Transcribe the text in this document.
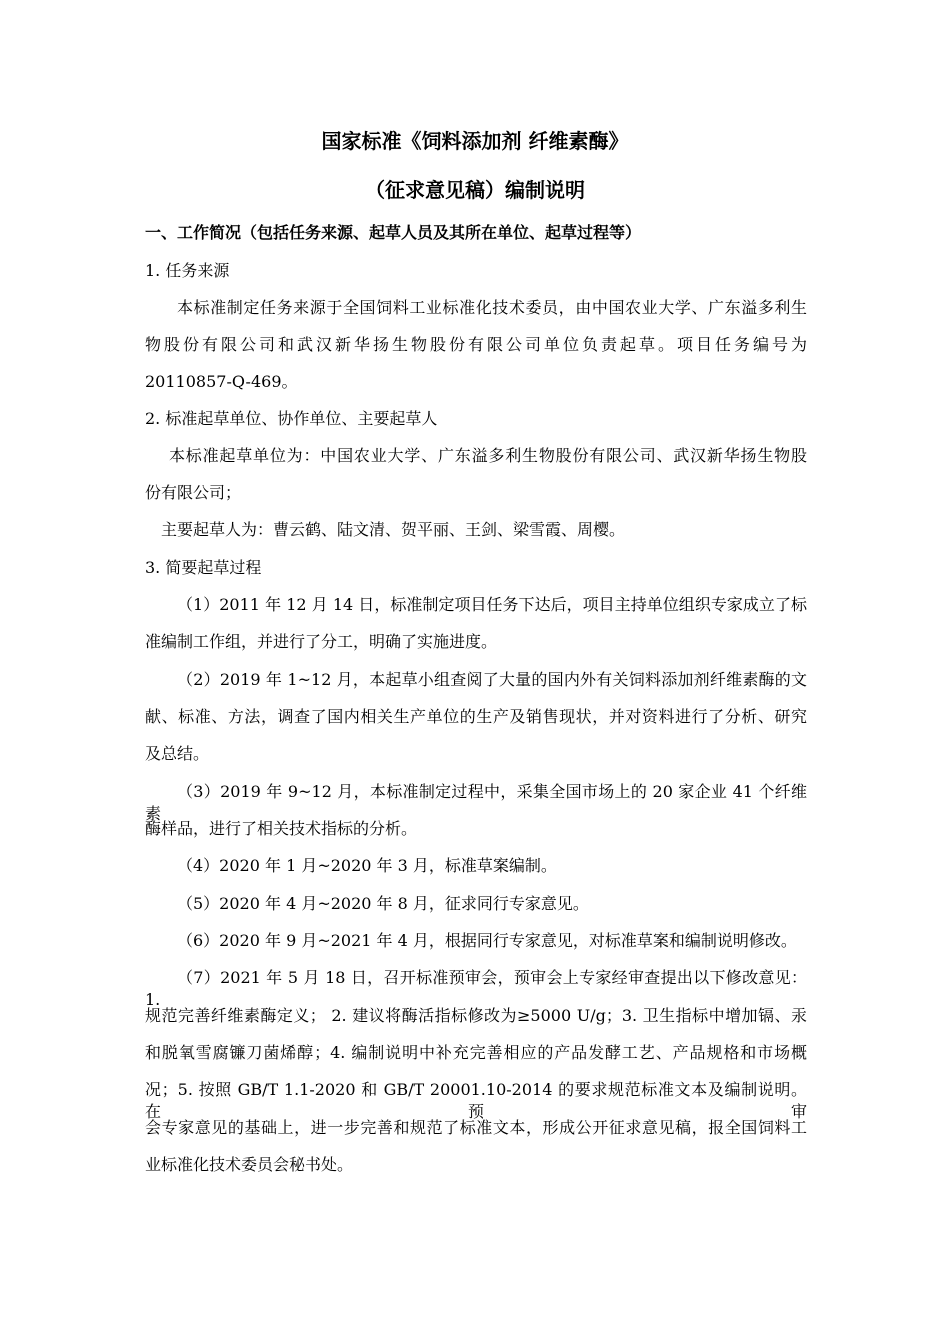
国家标准《饲料添加剂 纤维素酶》
（征求意见稿）编制说明
一、工作简况（包括任务来源、起草人员及其所在单位、起草过程等）
1. 任务来源
本标准制定任务来源于全国饲料工业标准化技术委员，由中国农业大学、广东溢多利生
物股份有限公司和武汉新华扬生物股份有限公司单位负责起草。项目任务编号为
20110857-Q-469。
2. 标准起草单位、协作单位、主要起草人
本标准起草单位为：中国农业大学、广东溢多利生物股份有限公司、武汉新华扬生物股
份有限公司；
主要起草人为：曹云鹤、陆文清、贺平丽、王剑、梁雪霞、周樱。
3. 简要起草过程
（1）2011 年 12 月 14 日，标准制定项目任务下达后，项目主持单位组织专家成立了标
准编制工作组，并进行了分工，明确了实施进度。
（2）2019 年 1~12 月，本起草小组查阅了大量的国内外有关饲料添加剂纤维素酶的文
献、标准、方法，调查了国内相关生产单位的生产及销售现状，并对资料进行了分析、研究
及总结。
（3）2019 年 9~12 月，本标准制定过程中，采集全国市场上的 20 家企业 41 个纤维素
酶样品，进行了相关技术指标的分析。
（4）2020 年 1 月~2020 年 3 月，标准草案编制。
（5）2020 年 4 月~2020 年 8 月，征求同行专家意见。
（6）2020 年 9 月~2021 年 4 月，根据同行专家意见，对标准草案和编制说明修改。
（7）2021 年 5 月 18 日，召开标准预审会，预审会上专家经审查提出以下修改意见：1.
规范完善纤维素酶定义； 2. 建议将酶活指标修改为≥5000 U/g；3. 卫生指标中增加镉、汞
和脱氧雪腐镰刀菌烯醇；4. 编制说明中补充完善相应的产品发酵工艺、产品规格和市场概
况；5. 按照 GB/T 1.1-2020 和 GB/T 20001.10-2014 的要求规范标准文本及编制说明。在预审
会专家意见的基础上，进一步完善和规范了标准文本，形成公开征求意见稿，报全国饲料工
业标准化技术委员会秘书处。
